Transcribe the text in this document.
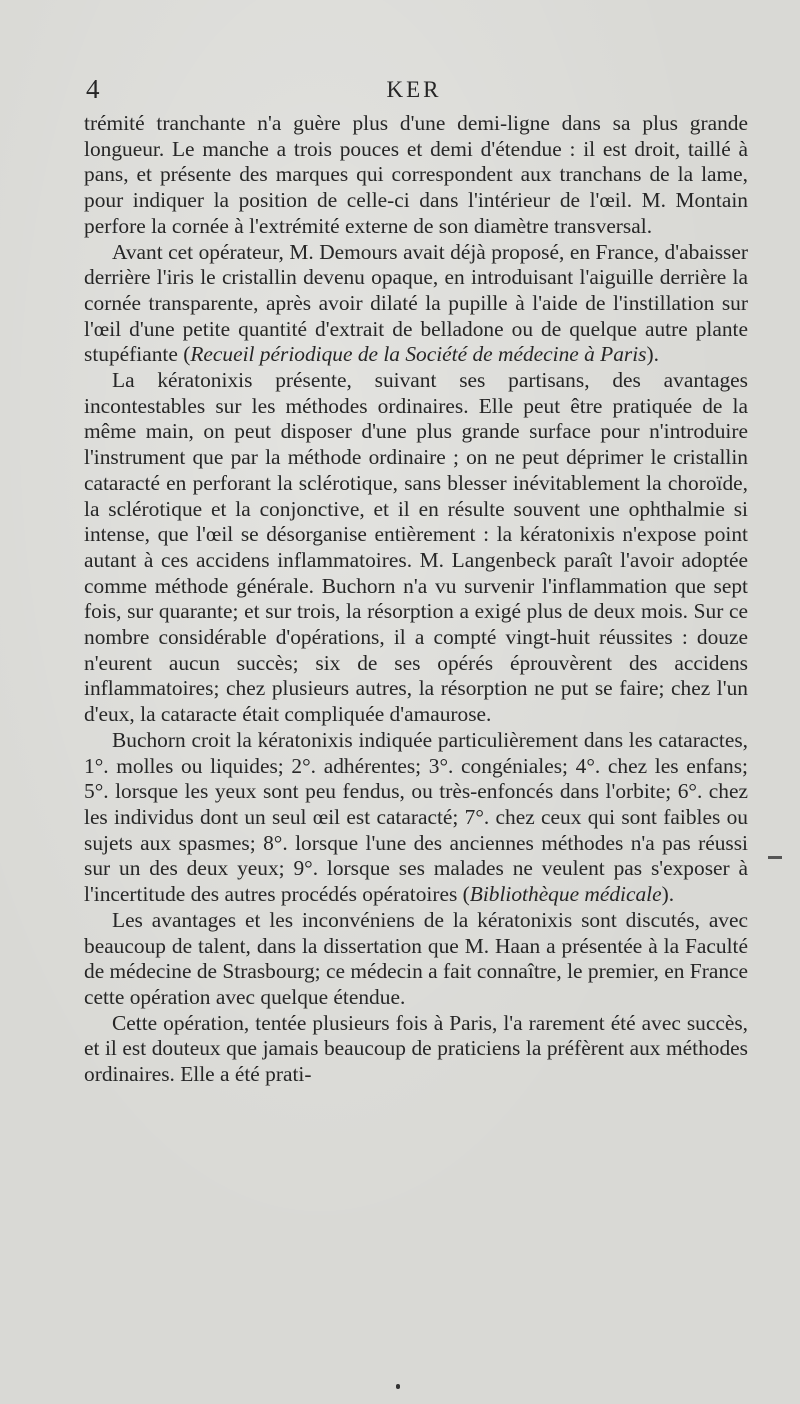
4	KER

trémité tranchante n'a guère plus d'une demi-ligne dans sa plus grande longueur. Le manche a trois pouces et demi d'étendue : il est droit, taillé à pans, et présente des marques qui correspondent aux tranchans de la lame, pour indiquer la position de celle-ci dans l'intérieur de l'œil. M. Montain perfore la cornée à l'extrémité externe de son diamètre transversal.

Avant cet opérateur, M. Demours avait déjà proposé, en France, d'abaisser derrière l'iris le cristallin devenu opaque, en introduisant l'aiguille derrière la cornée transparente, après avoir dilaté la pupille à l'aide de l'instillation sur l'œil d'une petite quantité d'extrait de belladone ou de quelque autre plante stupéfiante (Recueil périodique de la Société de médecine à Paris).

La kératonixis présente, suivant ses partisans, des avantages incontestables sur les méthodes ordinaires. Elle peut être pratiquée de la même main, on peut disposer d'une plus grande surface pour n'introduire l'instrument que par la méthode ordinaire ; on ne peut déprimer le cristallin cataracté en perforant la sclérotique, sans blesser inévitablement la choroïde, la sclérotique et la conjonctive, et il en résulte souvent une ophthalmie si intense, que l'œil se désorganise entièrement : la kératonixis n'expose point autant à ces accidens inflammatoires. M. Langenbeck paraît l'avoir adoptée comme méthode générale. Buchorn n'a vu survenir l'inflammation que sept fois, sur quarante; et sur trois, la résorption a exigé plus de deux mois. Sur ce nombre considérable d'opérations, il a compté vingt-huit réussites : douze n'eurent aucun succès; six de ses opérés éprouvèrent des accidens inflammatoires; chez plusieurs autres, la résorption ne put se faire; chez l'un d'eux, la cataracte était compliquée d'amaurose.

Buchorn croit la kératonixis indiquée particulièrement dans les cataractes, 1°. molles ou liquides; 2°. adhérentes; 3°. congéniales; 4°. chez les enfans; 5°. lorsque les yeux sont peu fendus, ou très-enfoncés dans l'orbite; 6°. chez les individus dont un seul œil est cataracté; 7°. chez ceux qui sont faibles ou sujets aux spasmes; 8°. lorsque l'une des anciennes méthodes n'a pas réussi sur un des deux yeux; 9°. lorsque ses malades ne veulent pas s'exposer à l'incertitude des autres procédés opératoires (Bibliothèque médicale).

Les avantages et les inconvéniens de la kératonixis sont discutés, avec beaucoup de talent, dans la dissertation que M. Haan a présentée à la Faculté de médecine de Strasbourg; ce médecin a fait connaître, le premier, en France cette opération avec quelque étendue.

Cette opération, tentée plusieurs fois à Paris, l'a rarement été avec succès, et il est douteux que jamais beaucoup de praticiens la préfèrent aux méthodes ordinaires. Elle a été prati-
